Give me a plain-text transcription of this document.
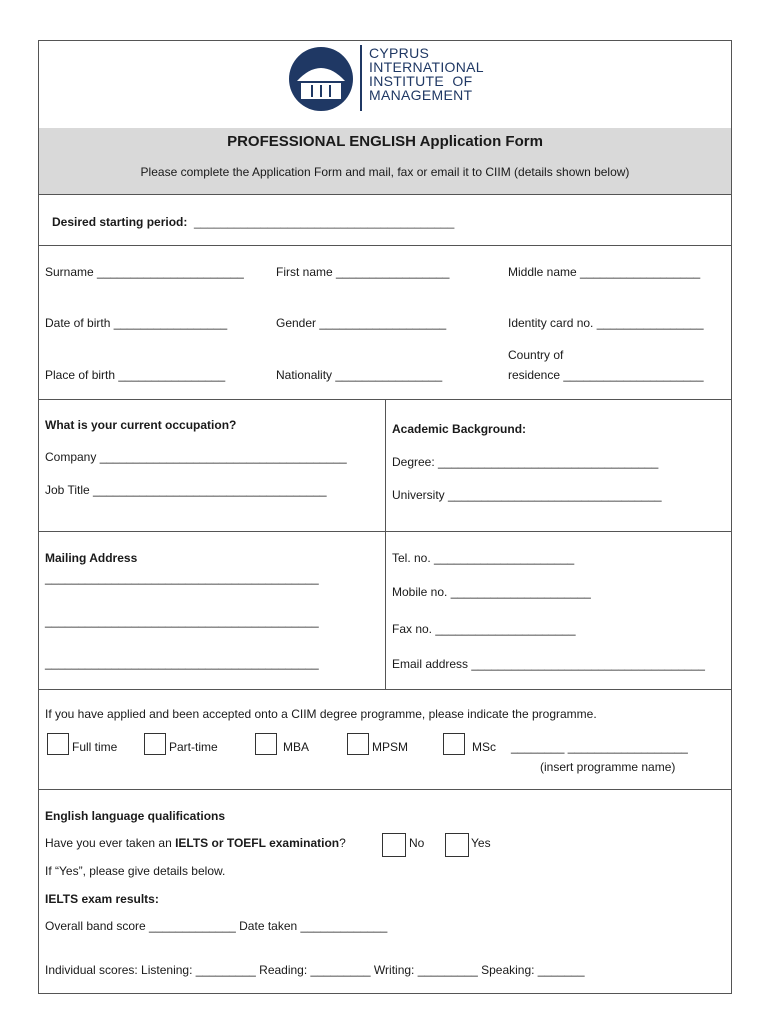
CYPRUS
INTERNATIONAL
INSTITUTE  OF
MANAGEMENT
PROFESSIONAL ENGLISH Application Form
Please complete the Application Form and mail, fax or email it to CIIM (details shown below)
Desired starting period: _______________________________________
Surname ______________________	First name _________________	Middle name __________________
Date of birth _________________	Gender ___________________	Identity card no. ________________
Place of birth ________________	Nationality ________________
Country of
residence _____________________
What is your current occupation?
Company _____________________________________
Job Title ___________________________________
Academic Background:
Degree: _________________________________
University ________________________________
Mailing Address
_________________________________________
_________________________________________
_________________________________________
Tel. no. _____________________
Mobile no. _____________________
Fax no. _____________________
Email address ___________________________________
If you have applied and been accepted onto a CIIM degree programme, please indicate the programme.
Full time	Part-time	MBA	MPSM	MSc ________ __________________
(insert programme name)
English language qualifications
Have you ever taken an IELTS or TOEFL examination?	No	Yes
If “Yes”, please give details below.
IELTS exam results:
Overall band score _____________ Date taken _____________
Individual scores: Listening: _________ Reading: _________ Writing: _________ Speaking: _______
